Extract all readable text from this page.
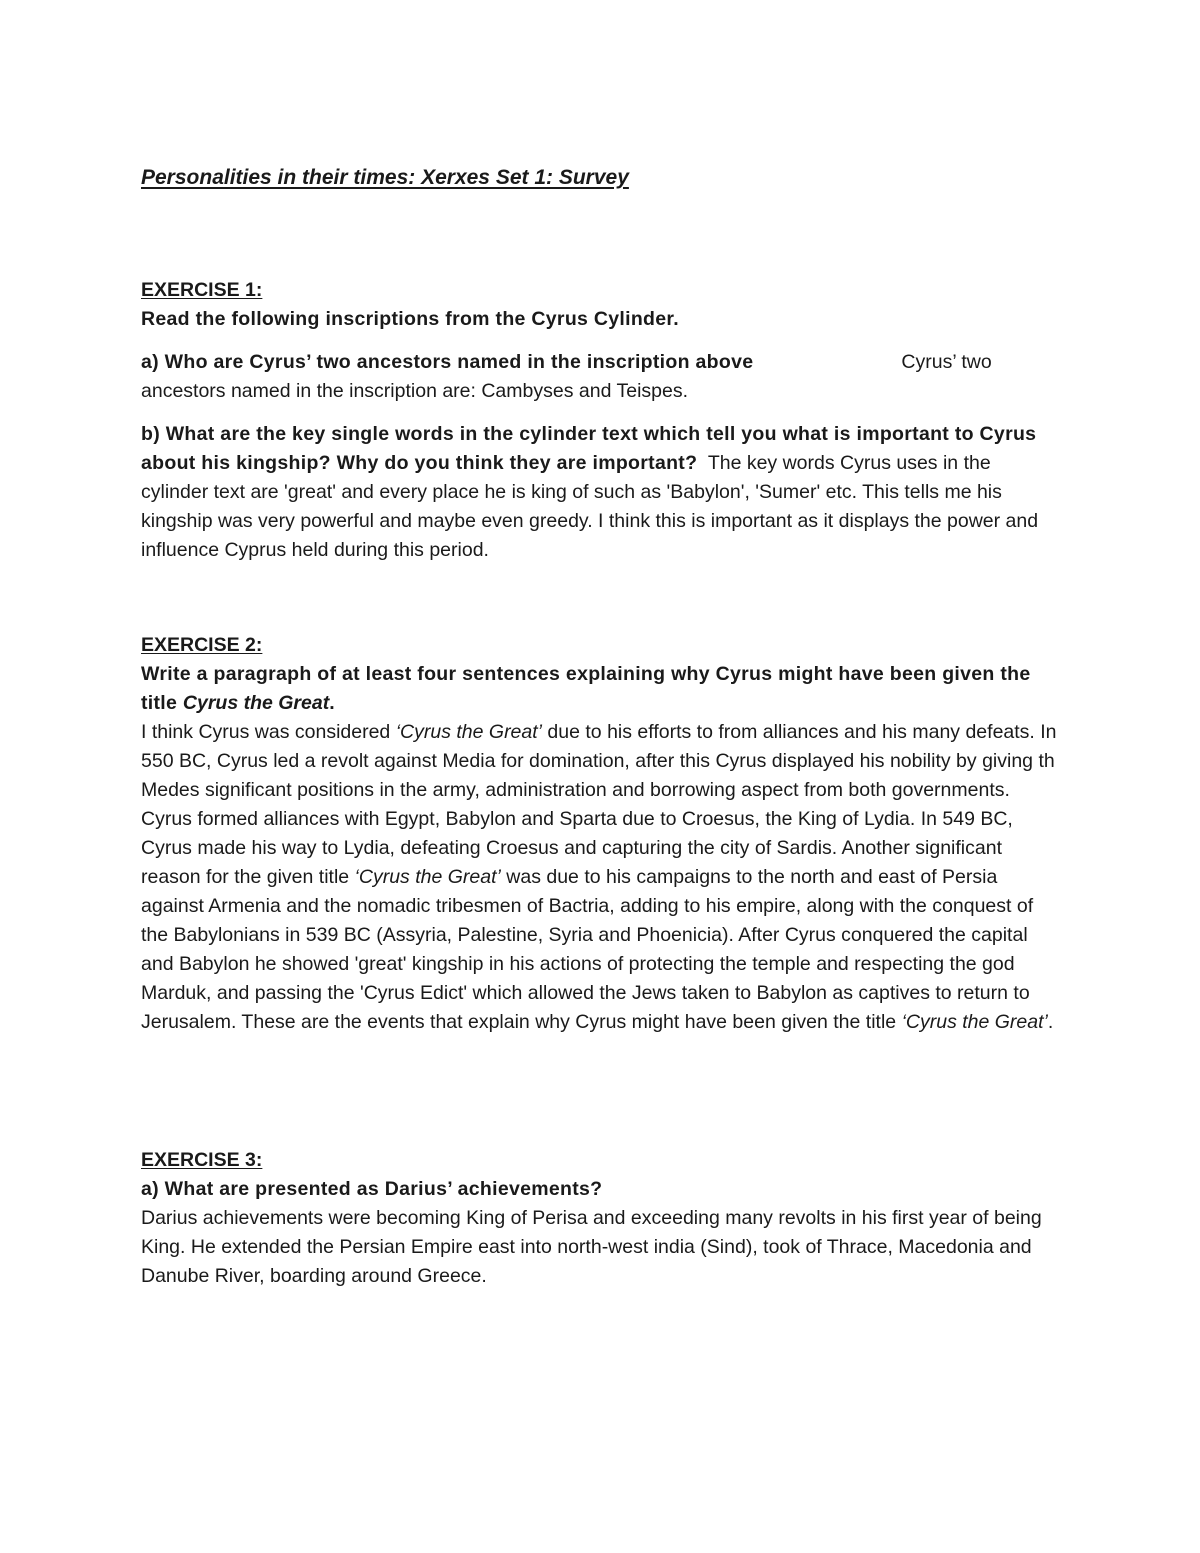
Personalities in their times: Xerxes Set 1: Survey
EXERCISE 1:

Read the following inscriptions from the Cyrus Cylinder.

a) Who are Cyrus’ two ancestors named in the inscription above	Cyrus’ two ancestors named in the inscription are: Cambyses and Teispes.

b) What are the key single words in the cylinder text which tell you what is important to Cyrus about his kingship? Why do you think they are important? The key words Cyrus uses in the cylinder text are 'great' and every place he is king of such as 'Babylon', 'Sumer' etc. This tells me his kingship was very powerful and maybe even greedy. I think this is important as it displays the power and influence Cyprus held during this period.

EXERCISE 2:

Write a paragraph of at least four sentences explaining why Cyrus might have been given the title Cyrus the Great.

I think Cyrus was considered ‘Cyrus the Great’ due to his efforts to from alliances and his many defeats. In 550 BC, Cyrus led a revolt against Media for domination, after this Cyrus displayed his nobility by giving th Medes significant positions in the army, administration and borrowing aspect from both governments. Cyrus formed alliances with Egypt, Babylon and Sparta due to Croesus, the King of Lydia. In 549 BC, Cyrus made his way to Lydia, defeating Croesus and capturing the city of Sardis. Another significant reason for the given title ‘Cyrus the Great’ was due to his campaigns to the north and east of Persia against Armenia and the nomadic tribesmen of Bactria, adding to his empire, along with the conquest of the Babylonians in 539 BC (Assyria, Palestine, Syria and Phoenicia). After Cyrus conquered the capital and Babylon he showed 'great' kingship in his actions of protecting the temple and respecting the god Marduk, and passing the 'Cyrus Edict' which allowed the Jews taken to Babylon as captives to return to Jerusalem. These are the events that explain why Cyrus might have been given the title ‘Cyrus the Great’.

EXERCISE 3:

a) What are presented as Darius’ achievements?

Darius achievements were becoming King of Perisa and exceeding many revolts in his first year of being King. He extended the Persian Empire east into north-west india (Sind), took of Thrace, Macedonia and Danube River, boarding around Greece.
